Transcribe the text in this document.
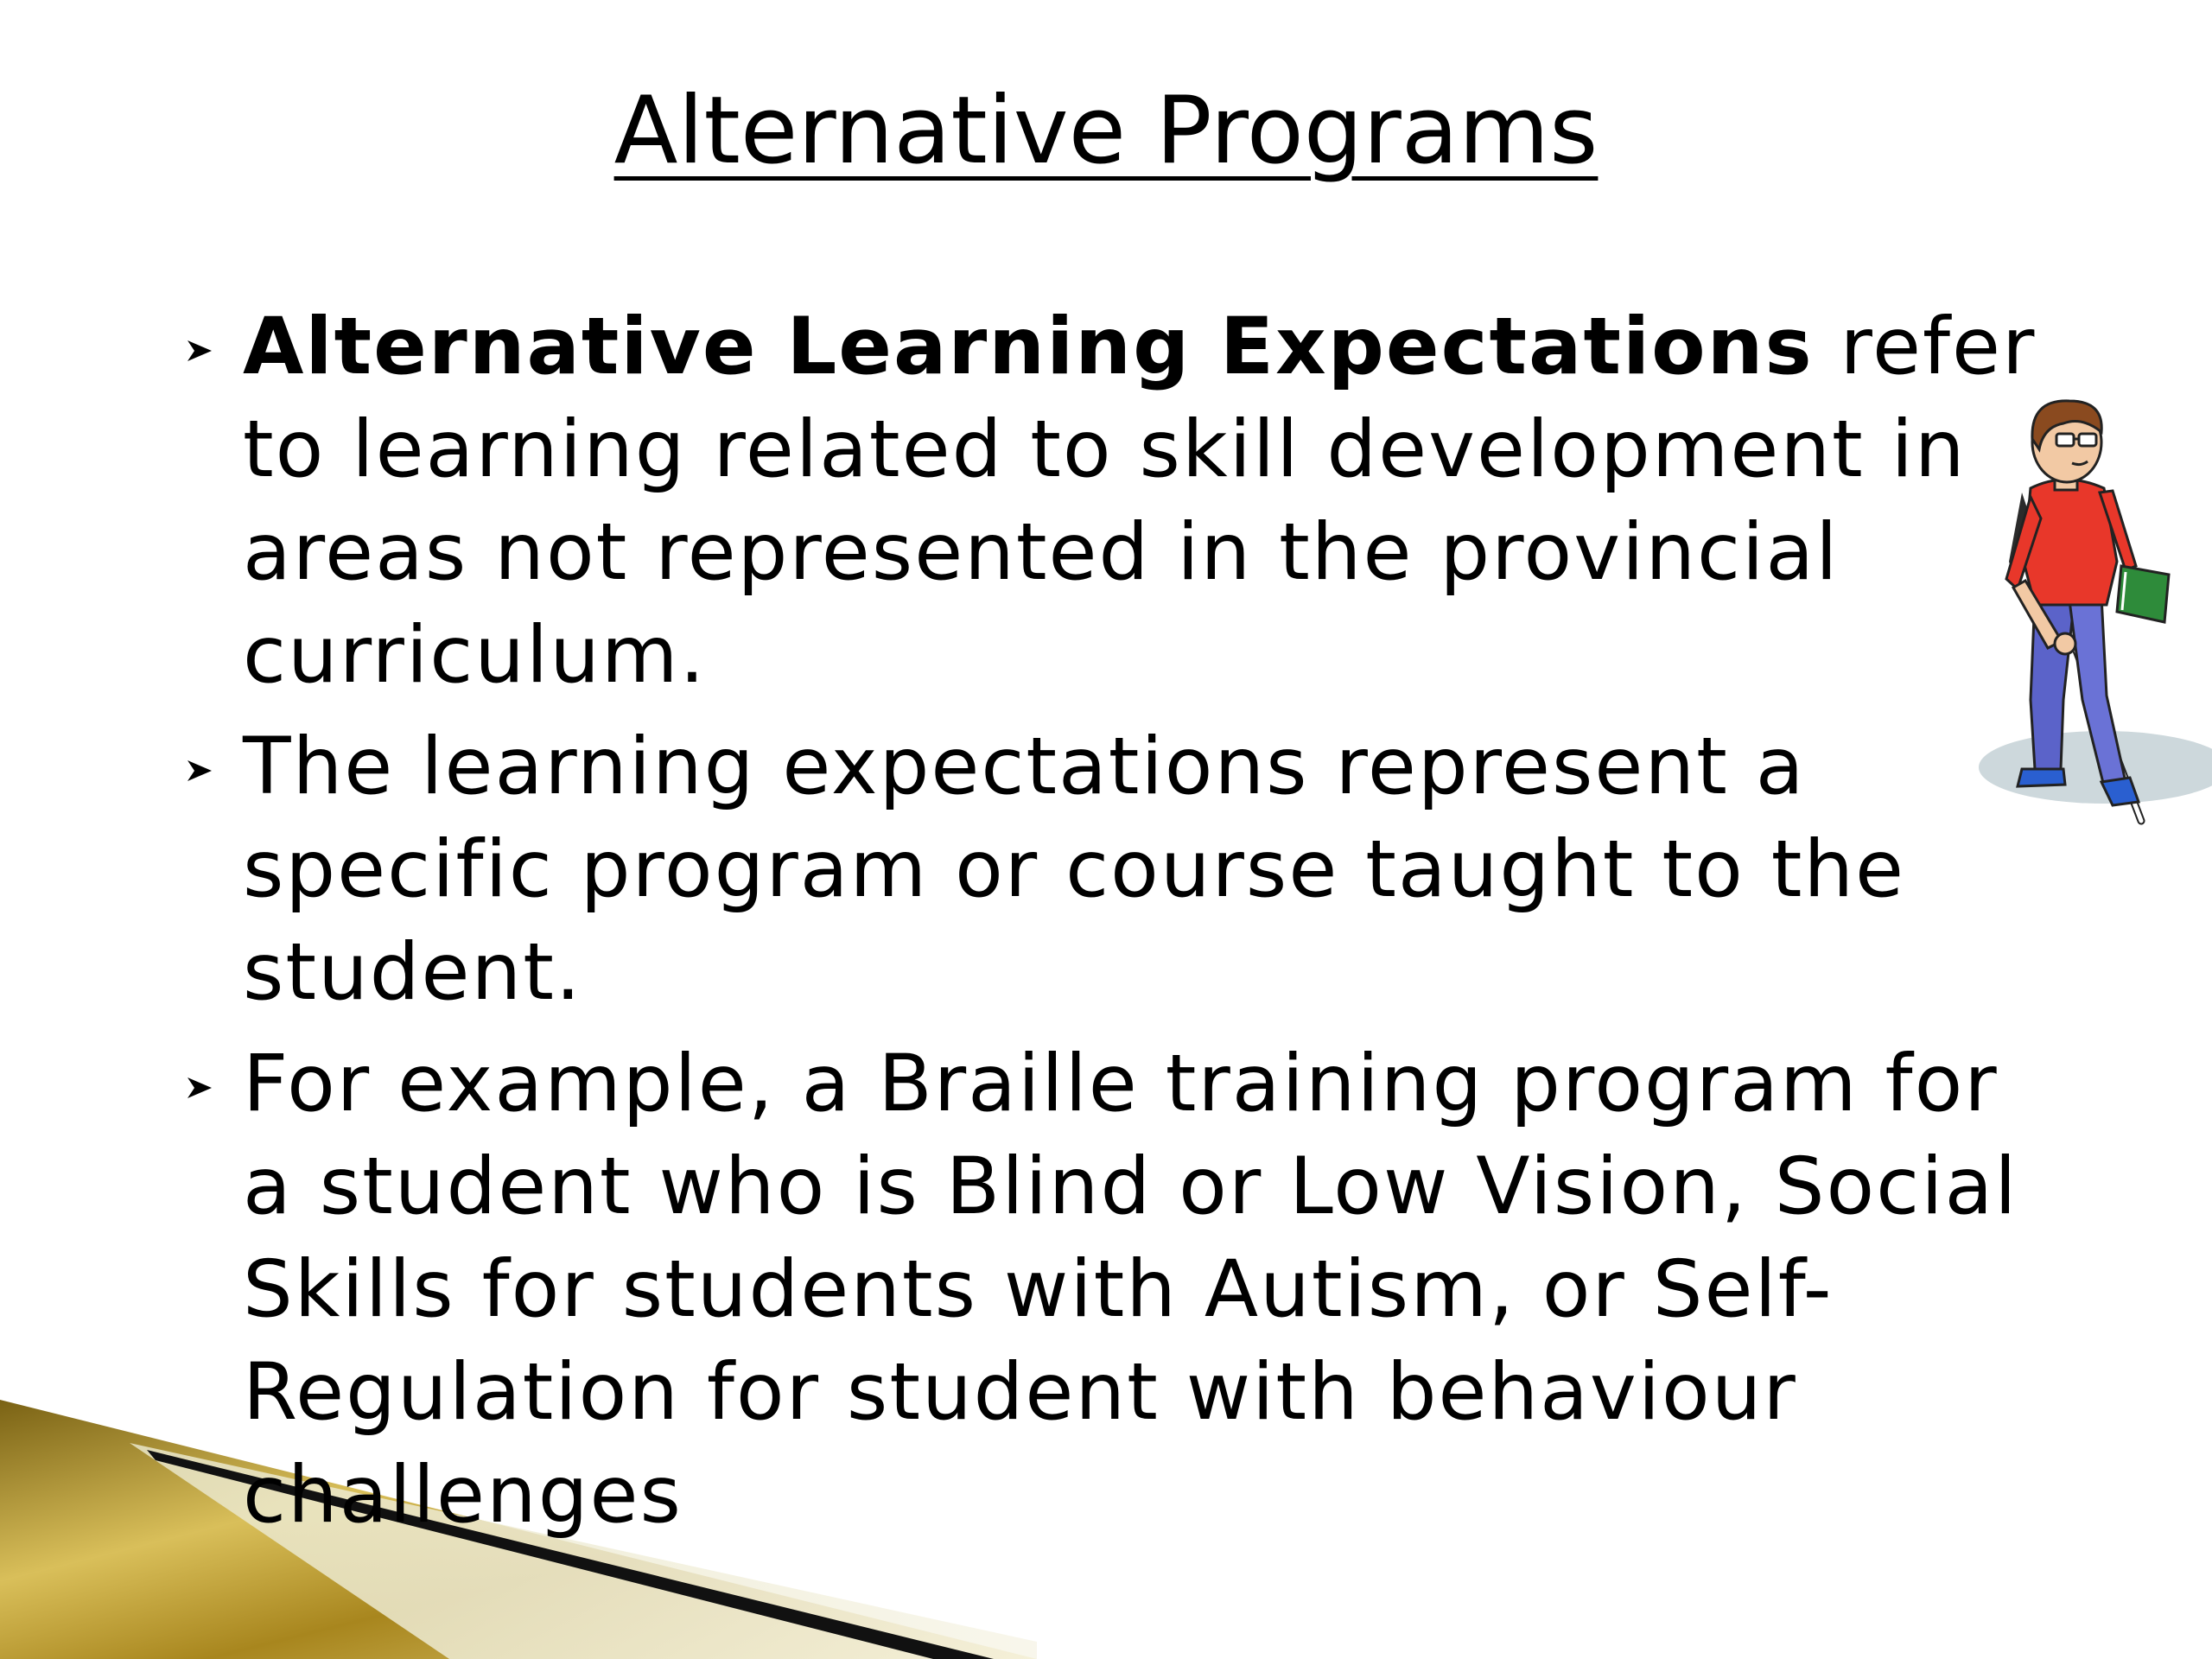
Alternative Programs
Alternative Learning Expectations refer to learning related to skill development in areas not represented in the provincial curriculum.
The learning expectations represent a specific program or course taught to the student.
For example, a Braille training program for a student who is Blind or Low Vision, Social Skills for students with Autism, or Self-Regulation for student with behaviour challenges
